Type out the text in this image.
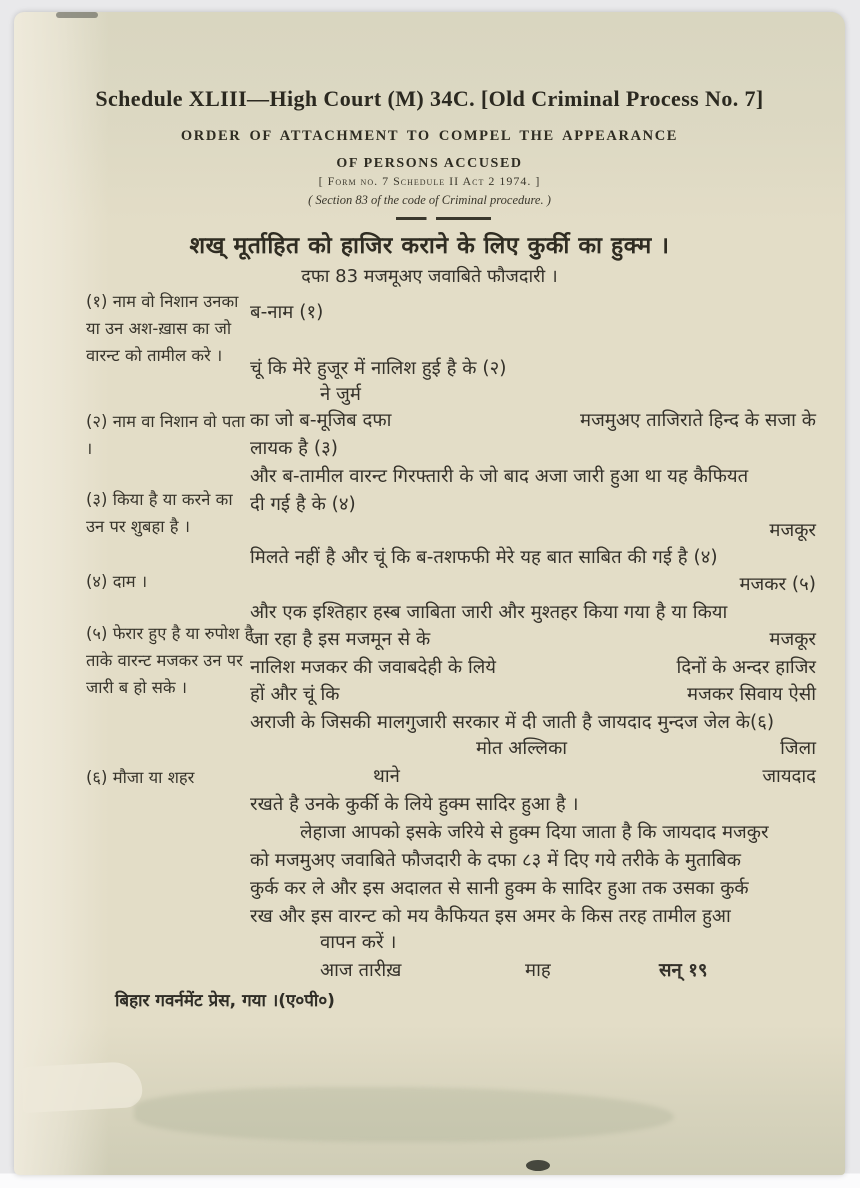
Schedule XLIII—High Court (M) 34C. [Old Criminal Process No. 7]
ORDER OF ATTACHMENT TO COMPEL THE APPEARANCE
OF PERSONS ACCUSED
[ Form no. 7 Schedule II Act 2 1974. ]
( Section 83 of the code of Criminal procedure. )
शख् मूर्ताहित को हाजिर कराने के लिए कुर्की का हुक्म ।
दफा 83 मजमूअए जवाबिते फौजदारी ।
(१) नाम वो निशान उनका या उन अश-ख़ास का जो वारन्ट को तामील करे ।
(२) नाम वा निशान वो पता ।
(३) किया है या करने का उन पर शुबहा है ।
(४) दाम ।
(५) फेरार हुए है या रुपोश है ताके वारन्ट मजकर उन पर जारी ब हो सके ।
(६) मौजा या शहर
ब-नाम (१)
चूं कि मेरे हुजूर में नालिश हुई है के (२)
ने जुर्म
का जो ब-मूजिब दफा	मजमुअए ताजिराते हिन्द के सजा के
लायक है (३)
और ब-तामील वारन्ट गिरफ्तारी के जो बाद अजा जारी हुआ था यह कैफियत
दी गई है के (४)
मजकूर
मिलते नहीं है और चूं कि ब-तशफफी मेरे यह बात साबित की गई है (४)
मजकर (५)
और एक इश्तिहार हस्ब जाबिता जारी और मुश्तहर किया गया है या किया
जा रहा है इस मजमून से के	मजकूर
नालिश मजकर की जवाबदेही के लिये	दिनों के अन्दर हाजिर
हों और चूं कि	मजकर सिवाय ऐसी
अराजी के जिसकी मालगुजारी सरकार में दी जाती है जायदाद मुन्दज जेल के(६)
मोत अल्लिका	जिला
थाने	जायदाद
रखते है उनके कुर्की के लिये हुक्म सादिर हुआ है ।
लेहाजा आपको इसके जरिये से हुक्म दिया जाता है कि जायदाद मजकुर
को मजमुअए जवाबिते फौजदारी के दफा ८३ में दिए गये तरीके के मुताबिक
कुर्क कर ले और इस अदालत से सानी हुक्म के सादिर हुआ तक उसका कुर्क
रख और इस वारन्ट को मय कैफियत इस अमर के किस तरह तामील हुआ
वापन करें ।
आज तारीख़	माह	सन् १९
बिहार गवर्नमेंट प्रेस, गया ।(ए०पी०)
